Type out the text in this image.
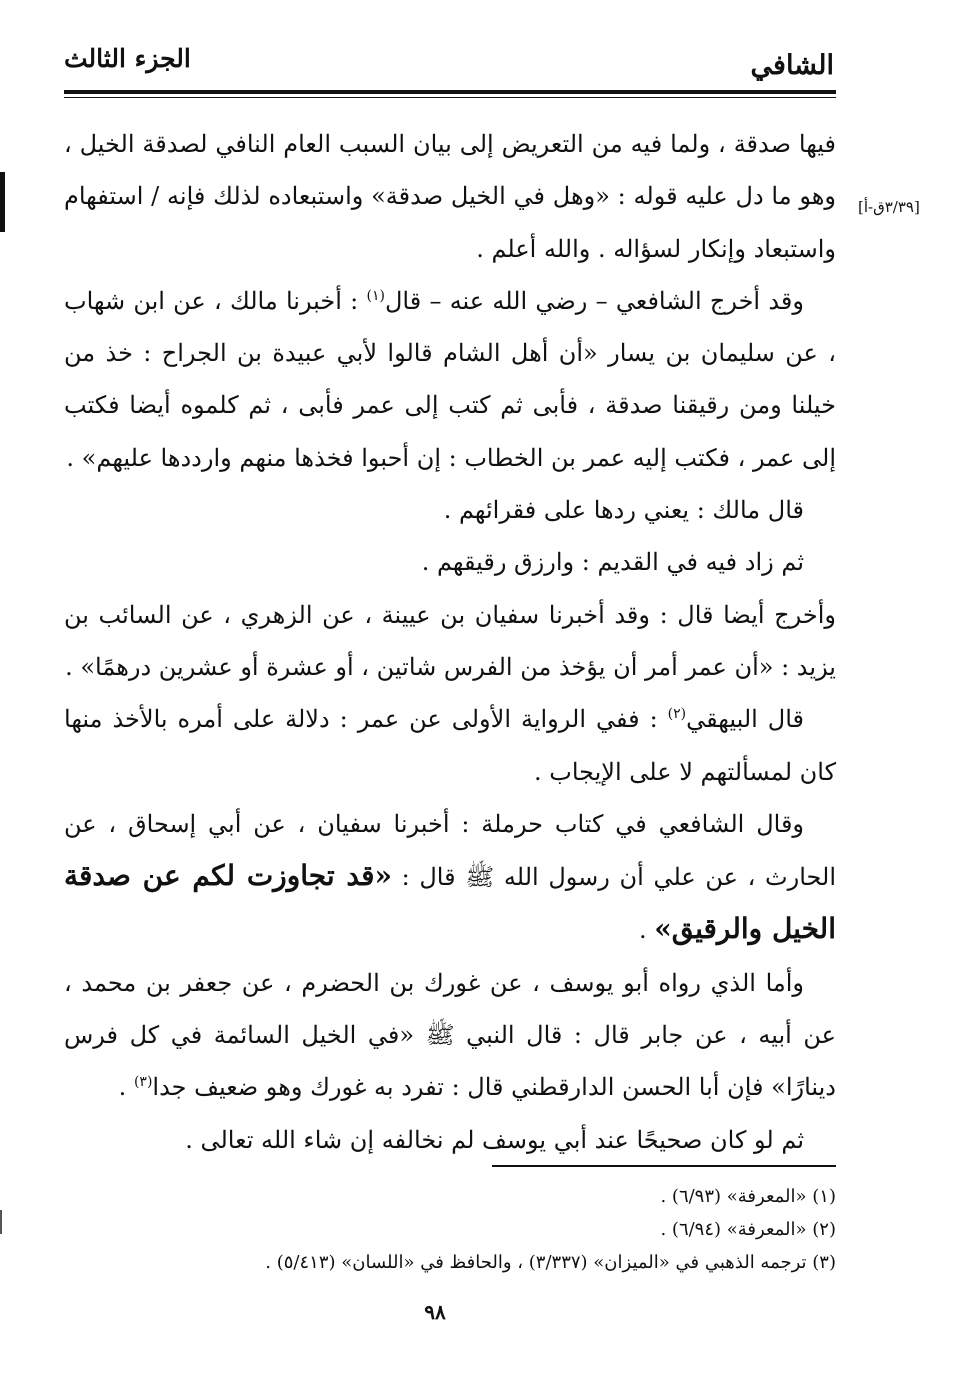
الشافي
الجزء الثالث
[٣/٣٩ق-أ]

فيها صدقة ، ولما فيه من التعريض إلى بيان السبب العام النافي لصدقة الخيل ، وهو ما دل عليه قوله : «وهل في الخيل صدقة» واستبعاده لذلك فإنه / استفهام واستبعاد وإنكار لسؤاله . والله أعلم .

وقد أخرج الشافعي – رضي الله عنه – قال$^{(١)}$ : أخبرنا مالك ، عن ابن شهاب ، عن سليمان بن يسار «أن أهل الشام قالوا لأبي عبيدة بن الجراح : خذ من خيلنا ومن رقيقنا صدقة ، فأبى ثم كتب إلى عمر فأبى ، ثم كلموه أيضا فكتب إلى عمر ، فكتب إليه عمر بن الخطاب : إن أحبوا فخذها منهم وارددها عليهم» .

قال مالك : يعني ردها على فقرائهم .

ثم زاد فيه في القديم : وارزق رقيقهم .

وأخرج أيضا قال : وقد أخبرنا سفيان بن عيينة ، عن الزهري ، عن السائب بن يزيد : «أن عمر أمر أن يؤخذ من الفرس شاتين ، أو عشرة أو عشرين درهمًا» .

قال البيهقي$^{(٢)}$ : ففي الرواية الأولى عن عمر : دلالة على أمره بالأخذ منها كان لمسألتهم لا على الإيجاب .

وقال الشافعي في كتاب حرملة : أخبرنا سفيان ، عن أبي إسحاق ، عن الحارث ، عن علي أن رسول الله ﷺ قال : «قد تجاوزت لكم عن صدقة الخيل والرقيق» .

وأما الذي رواه أبو يوسف ، عن غورك بن الحضرم ، عن جعفر بن محمد ، عن أبيه ، عن جابر قال : قال النبي ﷺ «في الخيل السائمة في كل فرس دينارًا» فإن أبا الحسن الدارقطني قال : تفرد به غورك وهو ضعيف جدا$^{(٣)}$ .

ثم لو كان صحيحًا عند أبي يوسف لم نخالفه إن شاء الله تعالى .

(١) «المعرفة» (٦/٩٣) .

(٢) «المعرفة» (٦/٩٤) .

(٣) ترجمه الذهبي في «الميزان» (٣/٣٣٧) ، والحافظ في «اللسان» (٥/٤١٣) .

٩٨
